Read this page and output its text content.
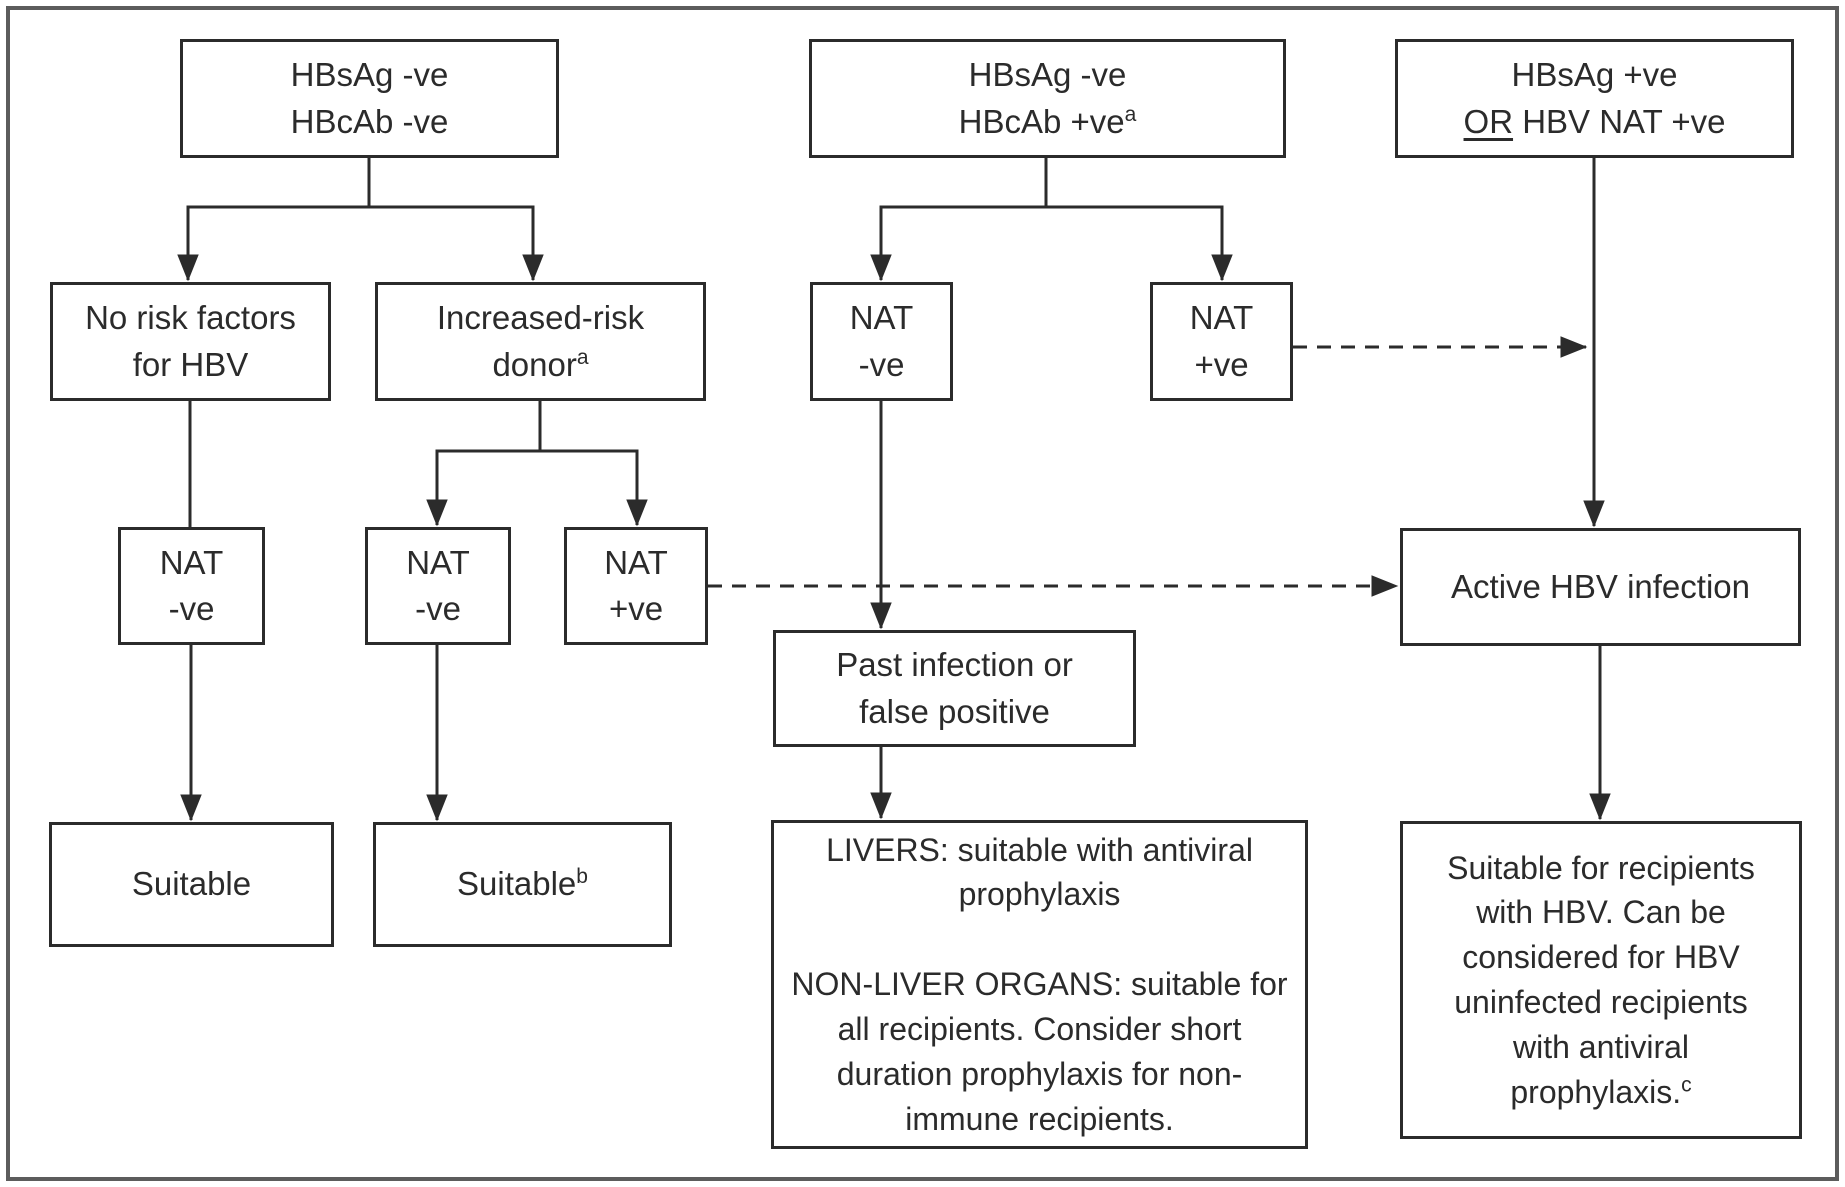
HBsAg -ve
HBcAb -ve
HBsAg -ve
HBcAb $+ve^a$
HBsAg +ve
OR HBV NAT +ve
No risk factors
for HBV
Increased-risk
donor$^a$
NAT
-ve
NAT
+ve
NAT
-ve
NAT
-ve
NAT
+ve
Active HBV infection
Past infection or
false positive
Suitable	Suitable$^b$

LIVERS: suitable with antiviral prophylaxis

NON-LIVER ORGANS: suitable for all recipients. Consider short duration prophylaxis for non-immune recipients.

Suitable for recipients with HBV. Can be considered for HBV uninfected recipients with antiviral prophylaxis.$^c$
